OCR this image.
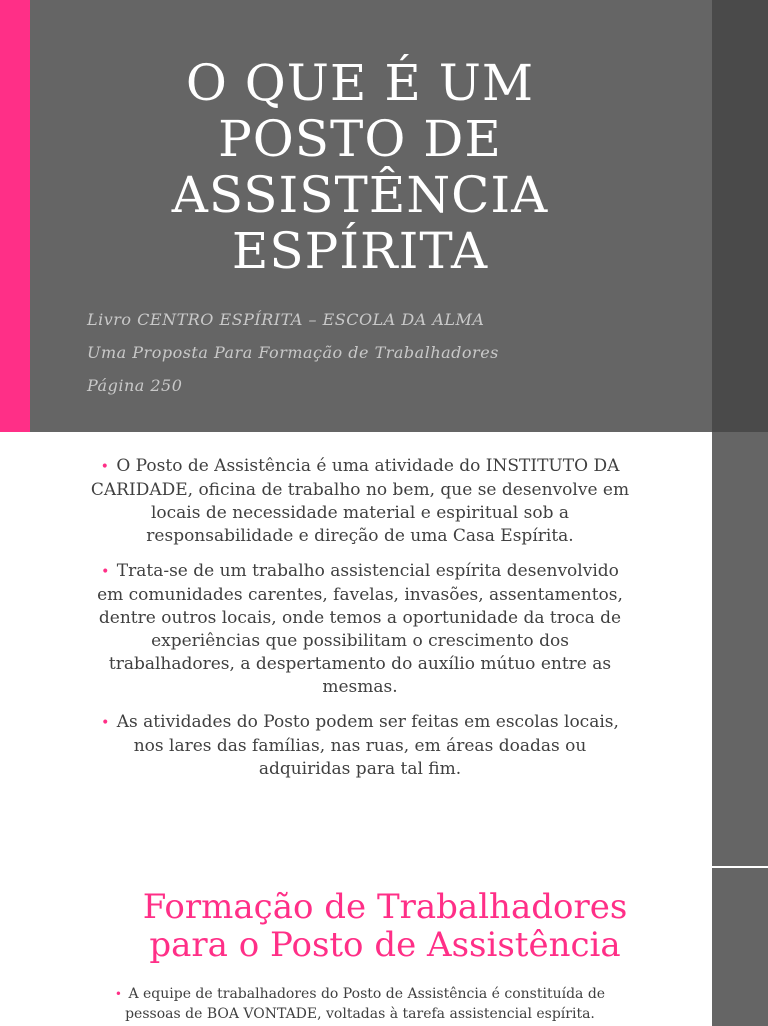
O QUE É UM
POSTO DE
ASSISTÊNCIA
ESPÍRITA
Livro CENTRO ESPÍRITA – ESCOLA DA ALMA
Uma Proposta Para Formação de Trabalhadores
Página 250

• O Posto de Assistência é uma atividade do INSTITUTO DA CARIDADE, oficina de trabalho no bem, que se desenvolve em locais de necessidade material e espiritual sob a responsabilidade e direção de uma Casa Espírita.

• Trata-se de um trabalho assistencial espírita desenvolvido em comunidades carentes, favelas, invasões, assentamentos, dentre outros locais, onde temos a oportunidade da troca de experiências que possibilitam o crescimento dos trabalhadores, a despertamento do auxílio mútuo entre as mesmas.

• As atividades do Posto podem ser feitas em escolas locais, nos lares das famílias, nas ruas, em áreas doadas ou adquiridas para tal fim.

Formação de Trabalhadores
para o Posto de Assistência
• A equipe de trabalhadores do Posto de Assistência é constituída de pessoas de BOA VONTADE, voltadas à tarefa assistencial espírita.
